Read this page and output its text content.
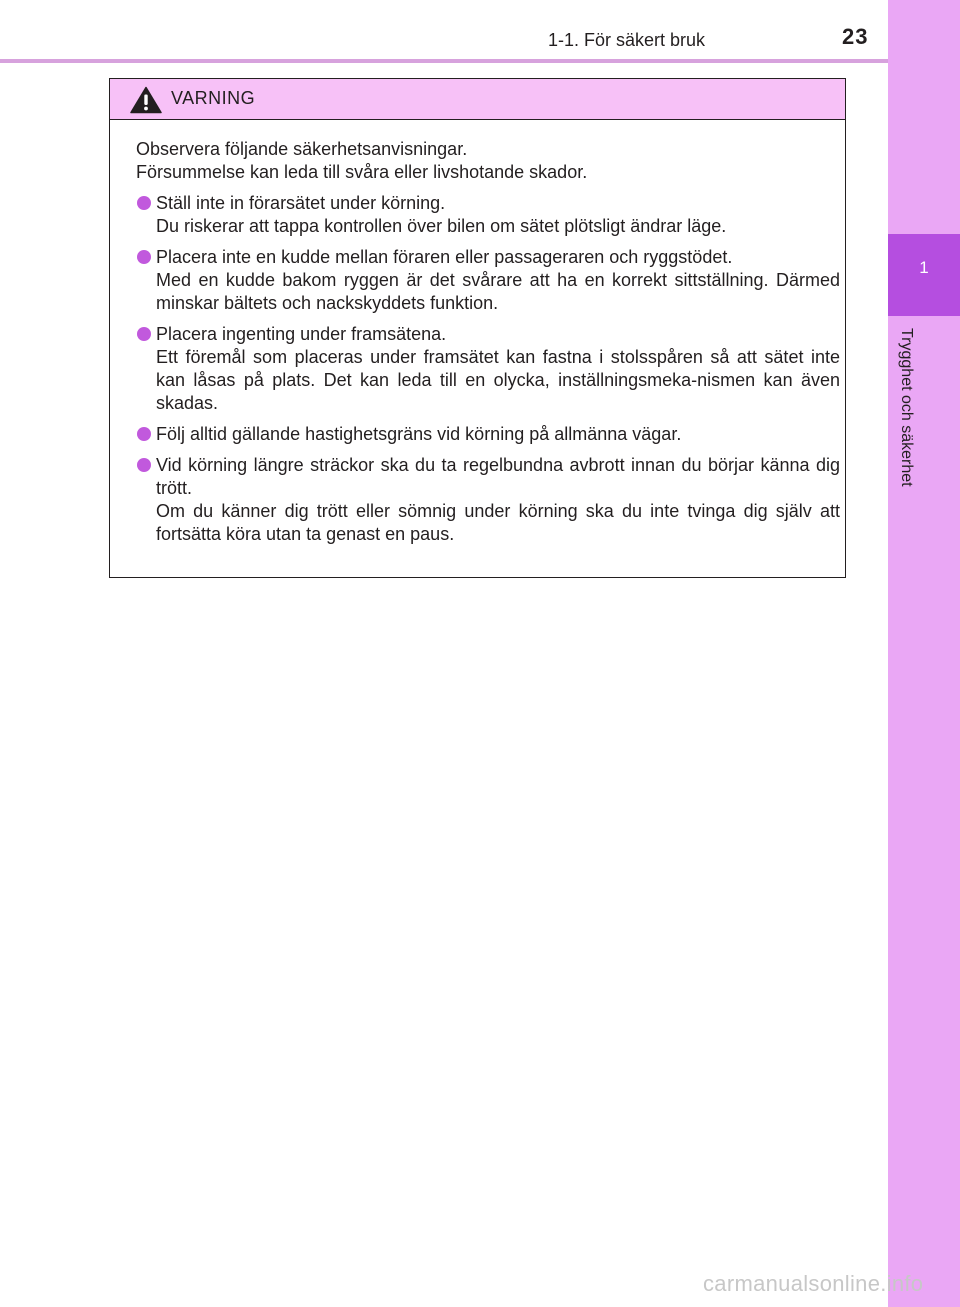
1-1. För säkert bruk	23
1
Trygghet och säkerhet
VARNING

Observera följande säkerhetsanvisningar.

Försummelse kan leda till svåra eller livshotande skador.

Ställ inte in förarsätet under körning.

Du riskerar att tappa kontrollen över bilen om sätet plötsligt ändrar läge.

Placera inte en kudde mellan föraren eller passageraren och ryggstödet.

Med en kudde bakom ryggen är det svårare att ha en korrekt sittställning. Därmed minskar bältets och nackskyddets funktion.

Placera ingenting under framsätena.

Ett föremål som placeras under framsätet kan fastna i stolsspåren så att sätet inte kan låsas på plats. Det kan leda till en olycka, inställningsmeka-nismen kan även skadas.

Följ alltid gällande hastighetsgräns vid körning på allmänna vägar.

Vid körning längre sträckor ska du ta regelbundna avbrott innan du börjar känna dig trött.

Om du känner dig trött eller sömnig under körning ska du inte tvinga dig själv att fortsätta köra utan ta genast en paus.

carmanualsonline.info
